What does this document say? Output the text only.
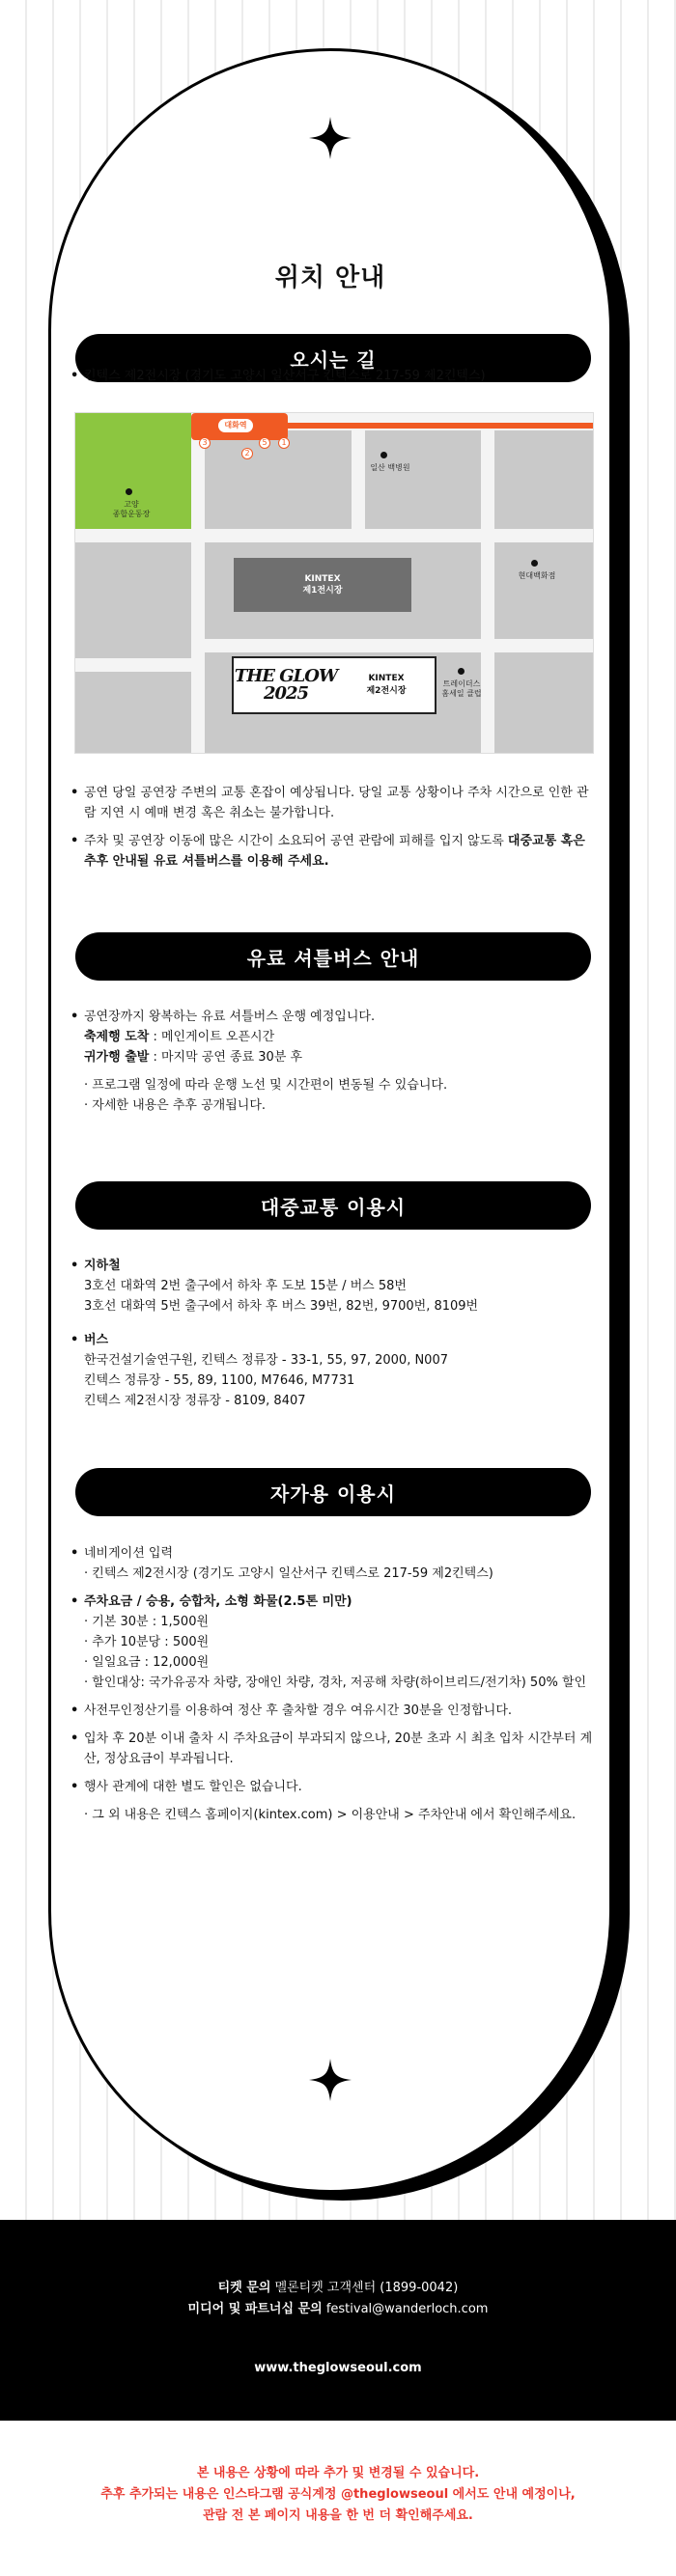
위치 안내
오시는 길
• 킨텍스 제2전시장 (경기도 고양시 일산서구 킨텍스로 217-59 제2킨텍스)
대화역
3	5
2
1
고양
종합운동장
일산 백병원
KINTEX
제1전시장
현대백화점
트레이더스
홈세일 클럽
THE GLOW
2025
KINTEX
제2전시장
• 공연 당일 공연장 주변의 교통 혼잡이 예상됩니다. 당일 교통 상황이나 주차 시간으로 인한 관람 지연 시 예매 변경 혹은 취소는 불가합니다.
• 주차 및 공연장 이동에 많은 시간이 소요되어 공연 관람에 피해를 입지 않도록 대중교통 혹은 추후 안내될 유료 셔틀버스를 이용해 주세요.
유료 셔틀버스 안내
• 공연장까지 왕복하는 유료 셔틀버스 운행 예정입니다.
축제행 도착 : 메인게이트 오픈시간
귀가행 출발 : 마지막 공연 종료 30분 후
· 프로그램 일정에 따라 운행 노선 및 시간편이 변동될 수 있습니다.
· 자세한 내용은 추후 공개됩니다.
대중교통 이용시
• 지하철
3호선 대화역 2번 출구에서 하차 후 도보 15분 / 버스 58번
3호선 대화역 5번 출구에서 하차 후 버스 39번, 82번, 9700번, 8109번
• 버스
한국건설기술연구원, 킨텍스 정류장 - 33-1, 55, 97, 2000, N007
킨텍스 정류장 - 55, 89, 1100, M7646, M7731
킨텍스 제2전시장 정류장 - 8109, 8407
자가용 이용시
• 네비게이션 입력
· 킨텍스 제2전시장 (경기도 고양시 일산서구 킨텍스로 217-59 제2킨텍스)
• 주차요금 / 승용, 승합차, 소형 화물(2.5톤 미만)
· 기본 30분 : 1,500원
· 추가 10분당 : 500원
· 일일요금 : 12,000원
· 할인대상: 국가유공자 차량, 장애인 차량, 경차, 저공해 차량(하이브리드/전기차) 50% 할인
• 사전무인정산기를 이용하여 정산 후 출차할 경우 여유시간 30분을 인정합니다.
• 입차 후 20분 이내 출차 시 주차요금이 부과되지 않으나, 20분 초과 시 최초 입차 시간부터 계산, 정상요금이 부과됩니다.
• 행사 관계에 대한 별도 할인은 없습니다.
· 그 외 내용은 킨텍스 홈페이지(kintex.com) > 이용안내 > 주차안내 에서 확인해주세요.
티켓 문의 멜론티켓 고객센터 (1899-0042)
미디어 및 파트너십 문의 festival@wanderloch.com
www.theglowseoul.com
본 내용은 상황에 따라 추가 및 변경될 수 있습니다.
추후 추가되는 내용은 인스타그램 공식계정 @theglowseoul 에서도 안내 예정이나,
관람 전 본 페이지 내용을 한 번 더 확인해주세요.
